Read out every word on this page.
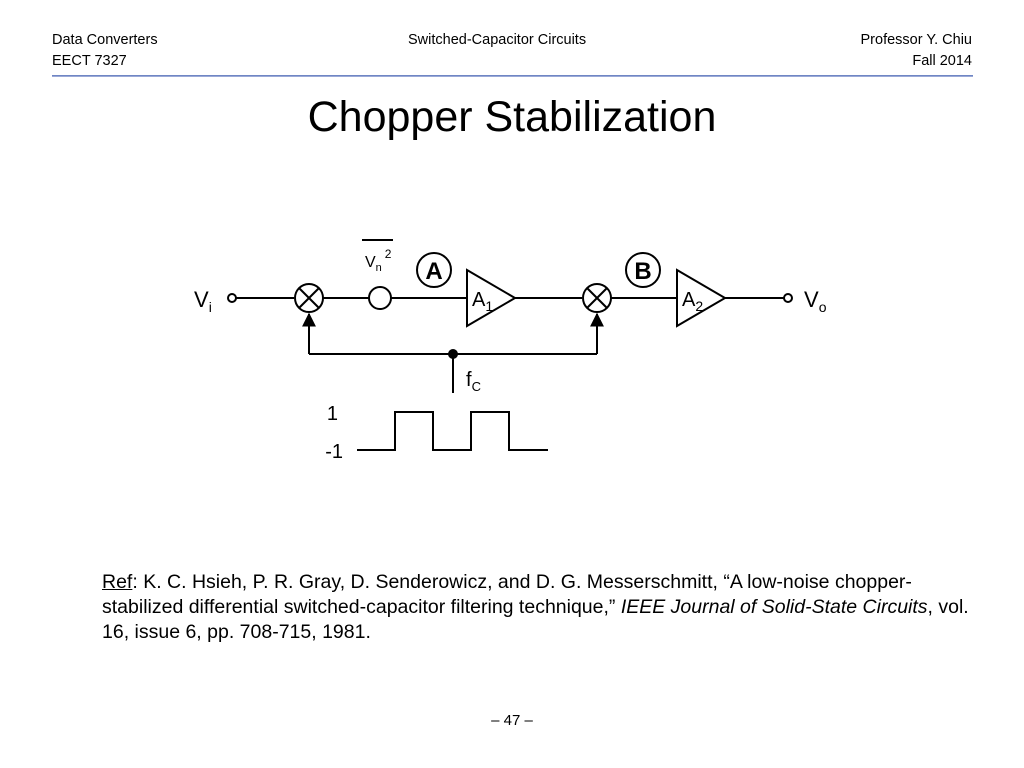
Data Converters
EECT 7327
Switched-Capacitor Circuits	Professor Y. Chiu
Fall 2014
Chopper Stabilization
$V_i$	$V_o$
$V_n^2$
A	B
$A_1$	$A_2$
$f_C$
1
-1
Ref: K. C. Hsieh, P. R. Gray, D. Senderowicz, and D. G. Messerschmitt, “A low-noise chopper-stabilized differential switched-capacitor filtering technique,” IEEE Journal of Solid-State Circuits, vol. 16, issue 6, pp. 708-715, 1981.
– 47 –
